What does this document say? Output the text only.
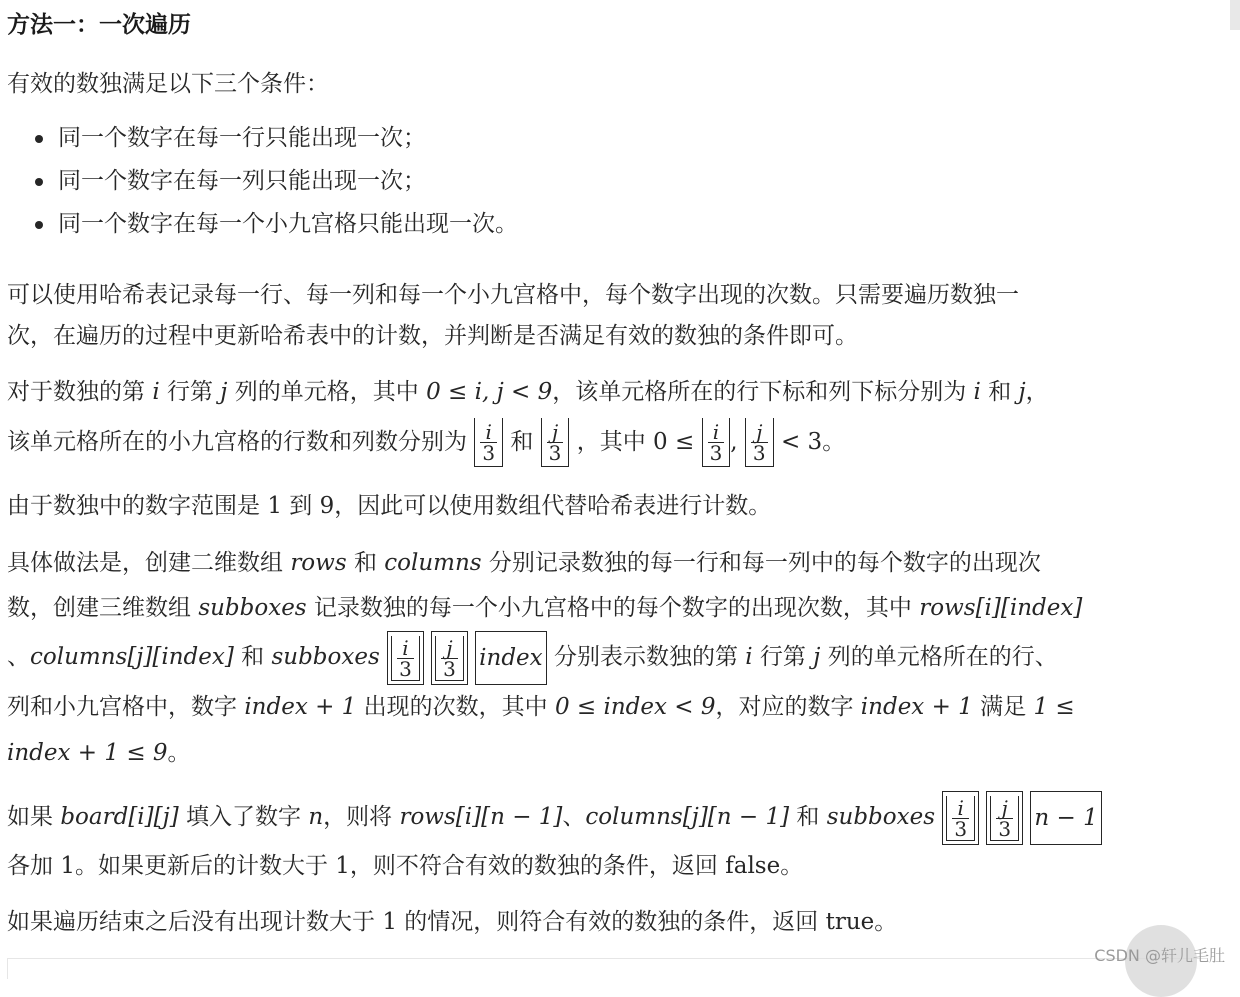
方法一：一次遍历
有效的数独满足以下三个条件：
同一个数字在每一行只能出现一次；
同一个数字在每一列只能出现一次；
同一个数字在每一个小九宫格只能出现一次。
可以使用哈希表记录每一行、每一列和每一个小九宫格中，每个数字出现的次数。只需要遍历数独一
次，在遍历的过程中更新哈希表中的计数，并判断是否满足有效的数独的条件即可。
对于数独的第 i 行第 j 列的单元格，其中 0 ≤ i, j < 9，该单元格所在的行下标和列下标分别为 i 和 j，
该单元格所在的小九宫格的行数和列数分别为 $\frac{i}{3}$ 和 $\frac{j}{3}$ ，其中 $0 \le \frac{i}{3}$ , $\frac{j}{3} < 3$。
由于数独中的数字范围是 1 到 9，因此可以使用数组代替哈希表进行计数。
具体做法是，创建二维数组 rows 和 columns 分别记录数独的每一行和每一列中的每个数字的出现次
数，创建三维数组 subboxes 记录数独的每一个小九宫格中的每个数字的出现次数，其中 rows[i][index]
、columns[j][index] 和 subboxes $\frac{i}{3}$
$\frac{j}{3}$ index 分别表示数独的第 i 行第 j 列的单元格所在的行、
列和小九宫格中，数字 index + 1 出现的次数，其中 0 ≤ index < 9，对应的数字 index + 1 满足 1 ≤
index + 1 ≤ 9。
如果 board[i][j] 填入了数字 n，则将 rows[i][n − 1]、columns[j][n − 1] 和 subboxes $\frac{i}{3}$
$\frac{j}{3}$ n − 1
各加 1。如果更新后的计数大于 1，则不符合有效的数独的条件，返回 false。
如果遍历结束之后没有出现计数大于 1 的情况，则符合有效的数独的条件，返回 true。
CSDN @轩儿毛肚
